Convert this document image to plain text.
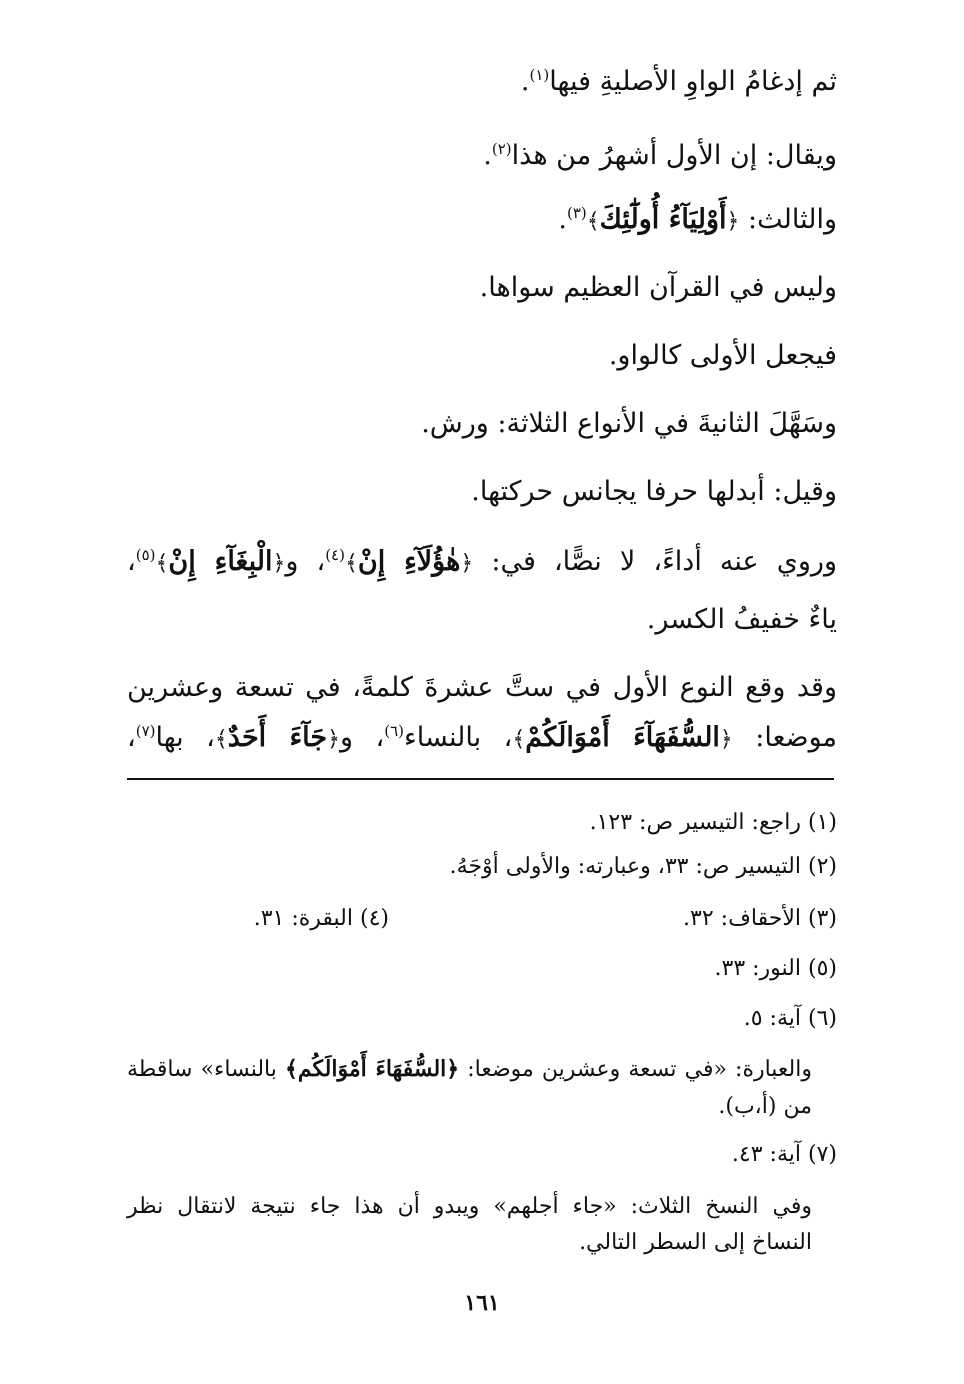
ثم إدغامُ الواوِ الأصليةِ فيها$^{(١)}$.
ويقال: إن الأول أشهرُ من هذا$^{(٢)}$.
والثالث: ﴿أَوْلِيَآءُ أُولَٰٓئِكَ﴾$^{(٣)}$.
وليس في القرآن العظيم سواها.
فيجعل الأولى كالواو.
وسَهَّلَ الثانيةَ في الأنواع الثلاثة: ورش.
وقيل: أبدلها حرفا يجانس حركتها.
وروي عنه أداءً، لا نصًّا، في: ﴿هٰؤُلَآءِ إِنْ﴾$^{(٤)}$، و﴿الْبِغَآءِ إِنْ﴾$^{(٥)}$،
ياءٌ خفيفُ الكسر.
وقد وقع النوع الأول في ستَّ عشرةَ كلمةً، في تسعة وعشرين
موضعا: ﴿السُّفَهَآءَ أَمْوَالَكُمْ﴾، بالنساء$^{(٦)}$، و﴿جَآءَ أَحَدٌ﴾، بها$^{(٧)}$،
(١) راجع: التيسير ص: ١٢٣.
(٢) التيسير ص: ٣٣، وعبارته: والأولى أوْجَهُ.
(٣) الأحقاف: ٣٢.
(٤) البقرة: ٣١.
(٥) النور: ٣٣.
(٦) آية: ٥.
والعبارة: «في تسعة وعشرين موضعا: ﴿السُّفَهَاءَ أَمْوَالَكُم﴾ بالنساء» ساقطة
من (أ،ب).
(٧) آية: ٤٣.
وفي النسخ الثلاث: «جاء أجلهم» ويبدو أن هذا جاء نتيجة لانتقال نظر
النساخ إلى السطر التالي.
١٦١
